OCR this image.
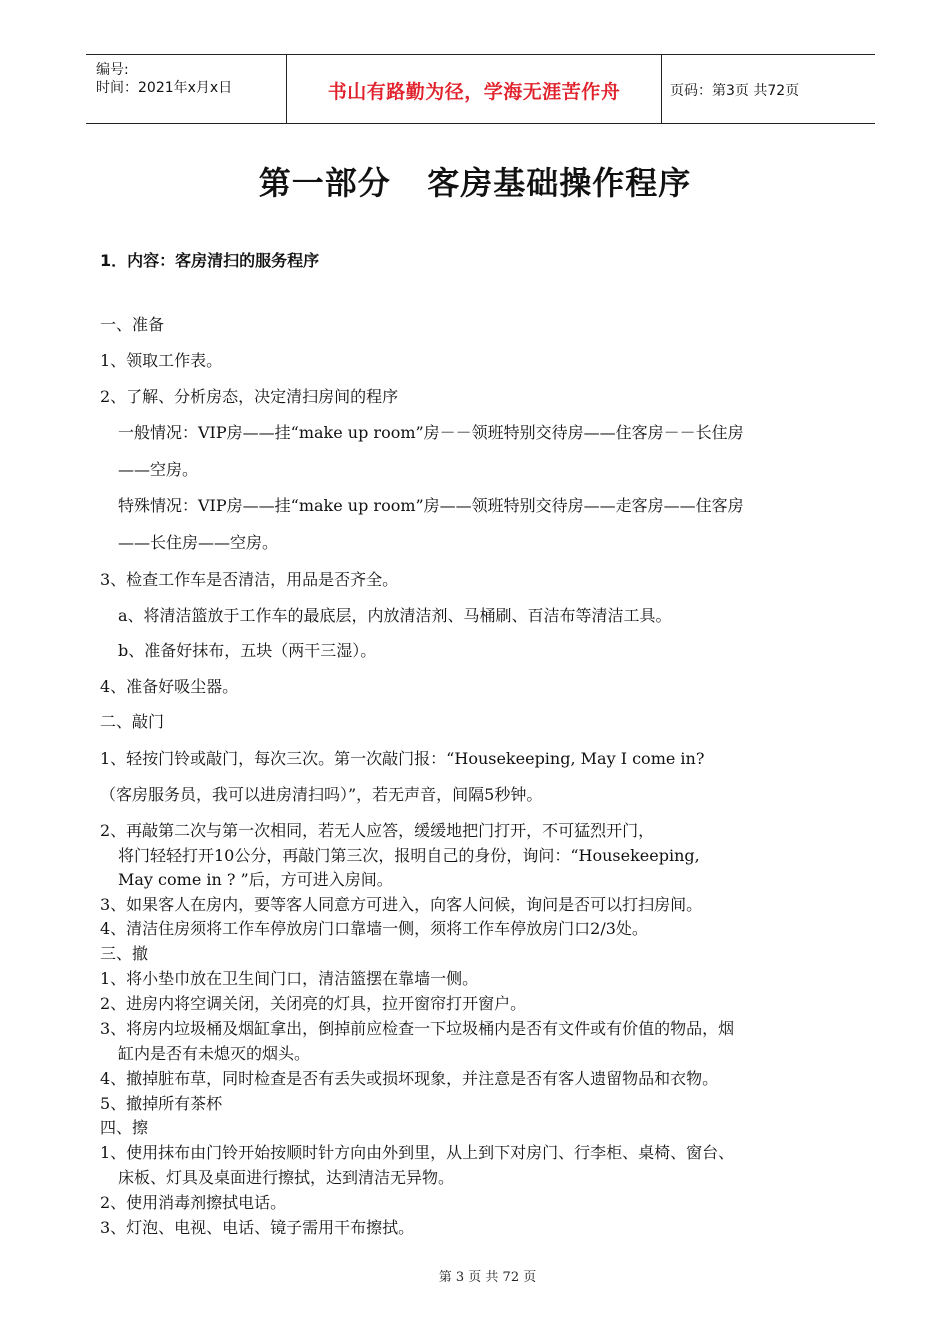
编号:
时间：2021年x月x日	书山有路勤为径，学海无涯苦作舟	页码：第3页 共72页
第一部分   客房基础操作程序
1．内容：客房清扫的服务程序
一、准备
1、领取工作表。
2、了解、分析房态，决定清扫房间的程序
一般情况：VIP房——挂“make up room”房－－领班特别交待房——住客房－－长住房
——空房。
特殊情况：VIP房——挂“make up room”房——领班特别交待房——走客房——住客房
——长住房——空房。
3、检查工作车是否清洁，用品是否齐全。
a、将清洁篮放于工作车的最底层，内放清洁剂、马桶刷、百洁布等清洁工具。
b、准备好抹布，五块（两干三湿）。
4、准备好吸尘器。
二、敲门
1、轻按门铃或敲门，每次三次。第一次敲门报：“Housekeeping, May I come in?
（客房服务员，我可以进房清扫吗）”，若无声音，间隔5秒钟。
2、再敲第二次与第一次相同，若无人应答，缓缓地把门打开，不可猛烈开门，
将门轻轻打开10公分，再敲门第三次，报明自己的身份，询问：“Housekeeping,
May come in ? ”后，方可进入房间。
3、如果客人在房内，要等客人同意方可进入，向客人问候，询问是否可以打扫房间。
4、清洁住房须将工作车停放房门口靠墙一侧，须将工作车停放房门口2/3处。
三、撤
1、将小垫巾放在卫生间门口，清洁篮摆在靠墙一侧。
2、进房内将空调关闭，关闭亮的灯具，拉开窗帘打开窗户。
3、将房内垃圾桶及烟缸拿出，倒掉前应检查一下垃圾桶内是否有文件或有价值的物品，烟
缸内是否有未熄灭的烟头。
4、撤掉脏布草，同时检查是否有丢失或损坏现象，并注意是否有客人遗留物品和衣物。
5、撤掉所有茶杯
四、擦
1、使用抹布由门铃开始按顺时针方向由外到里，从上到下对房门、行李柜、桌椅、窗台、
床板、灯具及桌面进行擦拭，达到清洁无异物。
2、使用消毒剂擦拭电话。
3、灯泡、电视、电话、镜子需用干布擦拭。
第 3 页 共 72 页
